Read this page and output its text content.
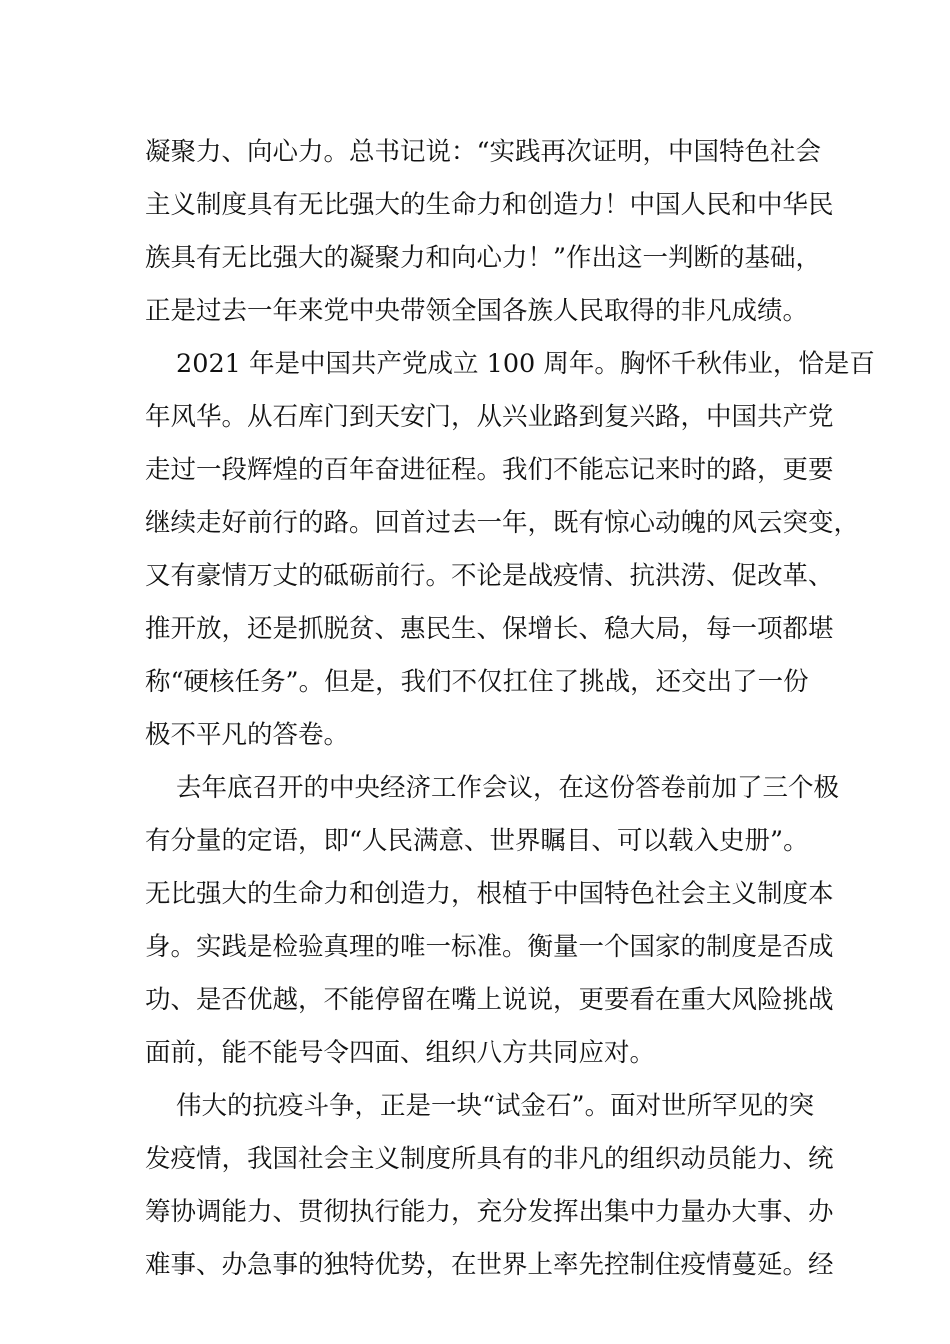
凝聚力、向心力。总书记说：“实践再次证明，中国特色社会
主义制度具有无比强大的生命力和创造力！中国人民和中华民
族具有无比强大的凝聚力和向心力！”作出这一判断的基础，
正是过去一年来党中央带领全国各族人民取得的非凡成绩。
2021 年是中国共产党成立 100 周年。胸怀千秋伟业，恰是百
年风华。从石库门到天安门，从兴业路到复兴路，中国共产党
走过一段辉煌的百年奋进征程。我们不能忘记来时的路，更要
继续走好前行的路。回首过去一年，既有惊心动魄的风云突变，
又有豪情万丈的砥砺前行。不论是战疫情、抗洪涝、促改革、
推开放，还是抓脱贫、惠民生、保增长、稳大局，每一项都堪
称“硬核任务”。但是，我们不仅扛住了挑战，还交出了一份
极不平凡的答卷。
去年底召开的中央经济工作会议，在这份答卷前加了三个极
有分量的定语，即“人民满意、世界瞩目、可以载入史册”。
无比强大的生命力和创造力，根植于中国特色社会主义制度本
身。实践是检验真理的唯一标准。衡量一个国家的制度是否成
功、是否优越，不能停留在嘴上说说，更要看在重大风险挑战
面前，能不能号令四面、组织八方共同应对。
伟大的抗疫斗争，正是一块“试金石”。面对世所罕见的突
发疫情，我国社会主义制度所具有的非凡的组织动员能力、统
筹协调能力、贯彻执行能力，充分发挥出集中力量办大事、办
难事、办急事的独特优势，在世界上率先控制住疫情蔓延。经
